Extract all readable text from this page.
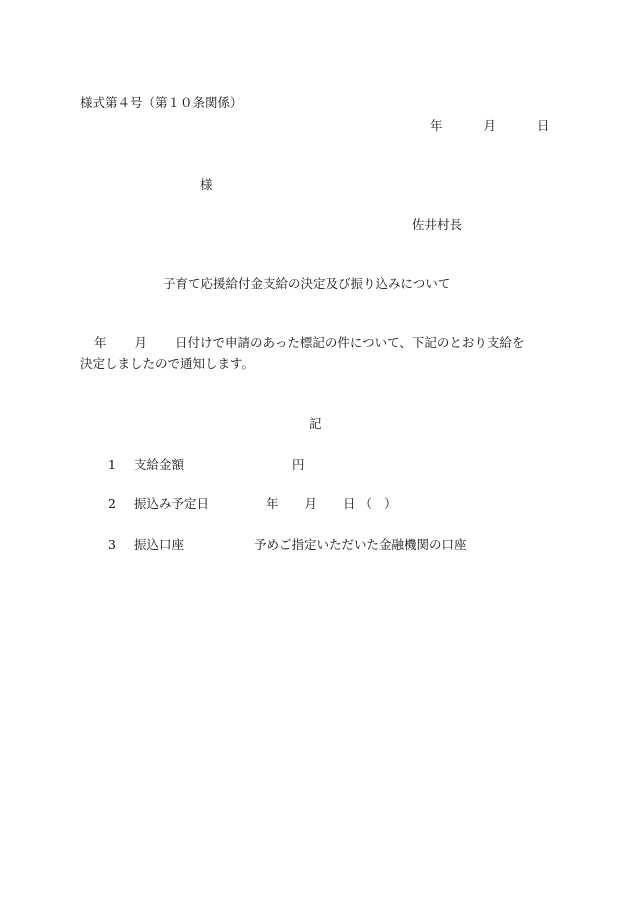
様式第４号（第１０条関係）
年	月	日
様
佐井村長
子育て応援給付金支給の決定及び振り込みについて
年 月 日付けで申請のあった標記の件について、下記のとおり支給を
決定しましたので通知します。
記
1 支給金額	円
2 振込み予定日	年 月 日 （ ）
3 振込口座	予めご指定いただいた金融機関の口座
